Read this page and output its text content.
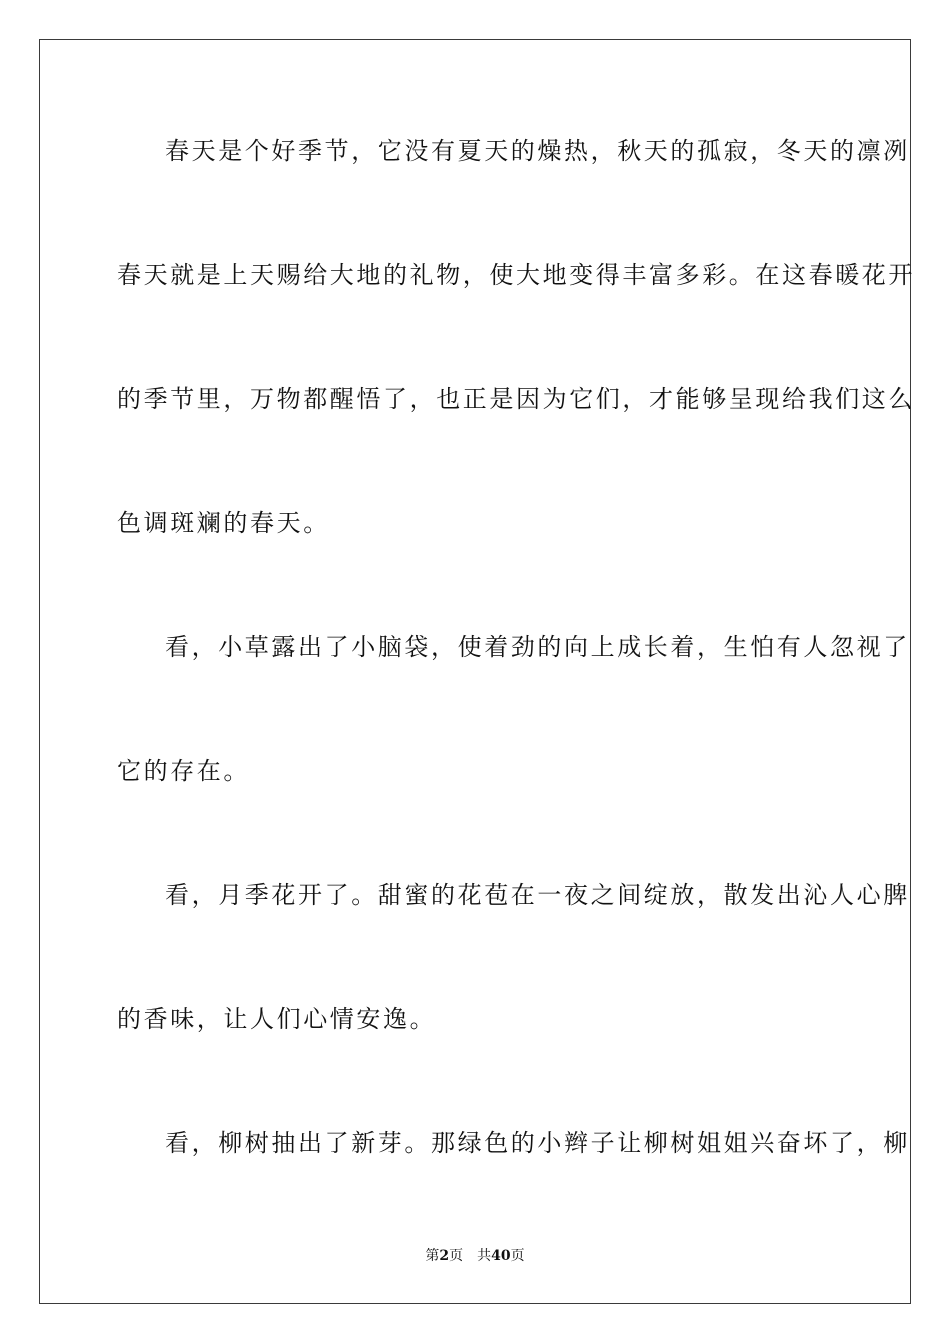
春天是个好季节，它没有夏天的燥热，秋天的孤寂，冬天的凛冽
春天就是上天赐给大地的礼物，使大地变得丰富多彩。在这春暖花开
的季节里，万物都醒悟了，也正是因为它们，才能够呈现给我们这么
色调斑斓的春天。
看，小草露出了小脑袋，使着劲的向上成长着，生怕有人忽视了
它的存在。
看，月季花开了。甜蜜的花苞在一夜之间绽放，散发出沁人心脾
的香味，让人们心情安逸。
看，柳树抽出了新芽。那绿色的小辫子让柳树姐姐兴奋坏了，柳
第2页 共40页
